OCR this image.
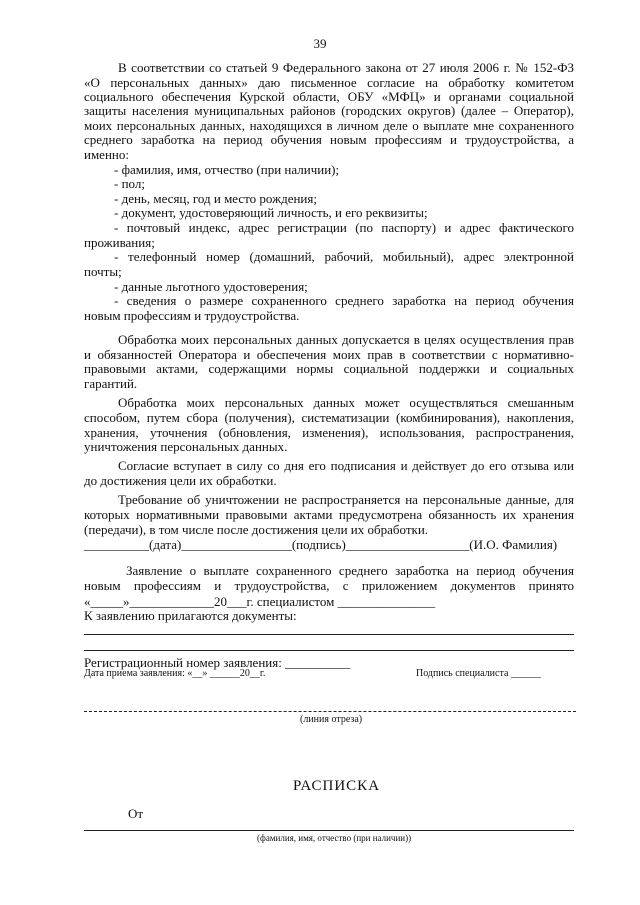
39
В соответствии со статьей 9 Федерального закона от 27 июля 2006 г. № 152-ФЗ
«О персональных данных» даю письменное согласие на обработку комитетом
социального обеспечения Курской области, ОБУ «МФЦ» и органами социальной
защиты населения муниципальных районов (городских округов) (далее – Оператор),
моих персональных данных, находящихся в личном деле о выплате мне сохраненного
среднего заработка на период обучения новым профессиям и трудоустройства, а
именно:
- фамилия, имя, отчество (при наличии);
- пол;
- день, месяц, год и место рождения;
- документ, удостоверяющий личность, и его реквизиты;
- почтовый индекс, адрес регистрации (по паспорту) и адрес фактического
проживания;
- телефонный номер (домашний, рабочий, мобильный), адрес электронной
почты;
- данные льготного удостоверения;
- сведения о размере сохраненного среднего заработка на период обучения
новым профессиям и трудоустройства.
Обработка моих персональных данных допускается в целях осуществления прав
и обязанностей Оператора и обеспечения моих прав в соответствии с нормативно-
правовыми актами, содержащими нормы социальной поддержки и социальных
гарантий.
Обработка моих персональных данных может осуществляться смешанным
способом, путем сбора (получения), систематизации (комбинирования), накопления,
хранения, уточнения (обновления, изменения), использования, распространения,
уничтожения персональных данных.
Согласие вступает в силу со дня его подписания и действует до его отзыва или
до достижения цели их обработки.
Требование об уничтожении не распространяется на персональные данные, для
которых нормативными правовыми актами предусмотрена обязанность их хранения
(передачи), в том числе после достижения цели их обработки.
__________(дата)_________________(подпись)___________________(И.О. Фамилия)
Заявление о выплате сохраненного среднего заработка на период обучения
новым профессиям и трудоустройства, с приложением документов принято
«_____»_____________20___г. специалистом _______________
К заявлению прилагаются документы:
Регистрационный номер заявления: __________
Дата приема заявления: «__» ______20__г.	Подпись специалиста ______
(линия отреза)
РАСПИСКА
От
(фамилия, имя, отчество (при наличии))
